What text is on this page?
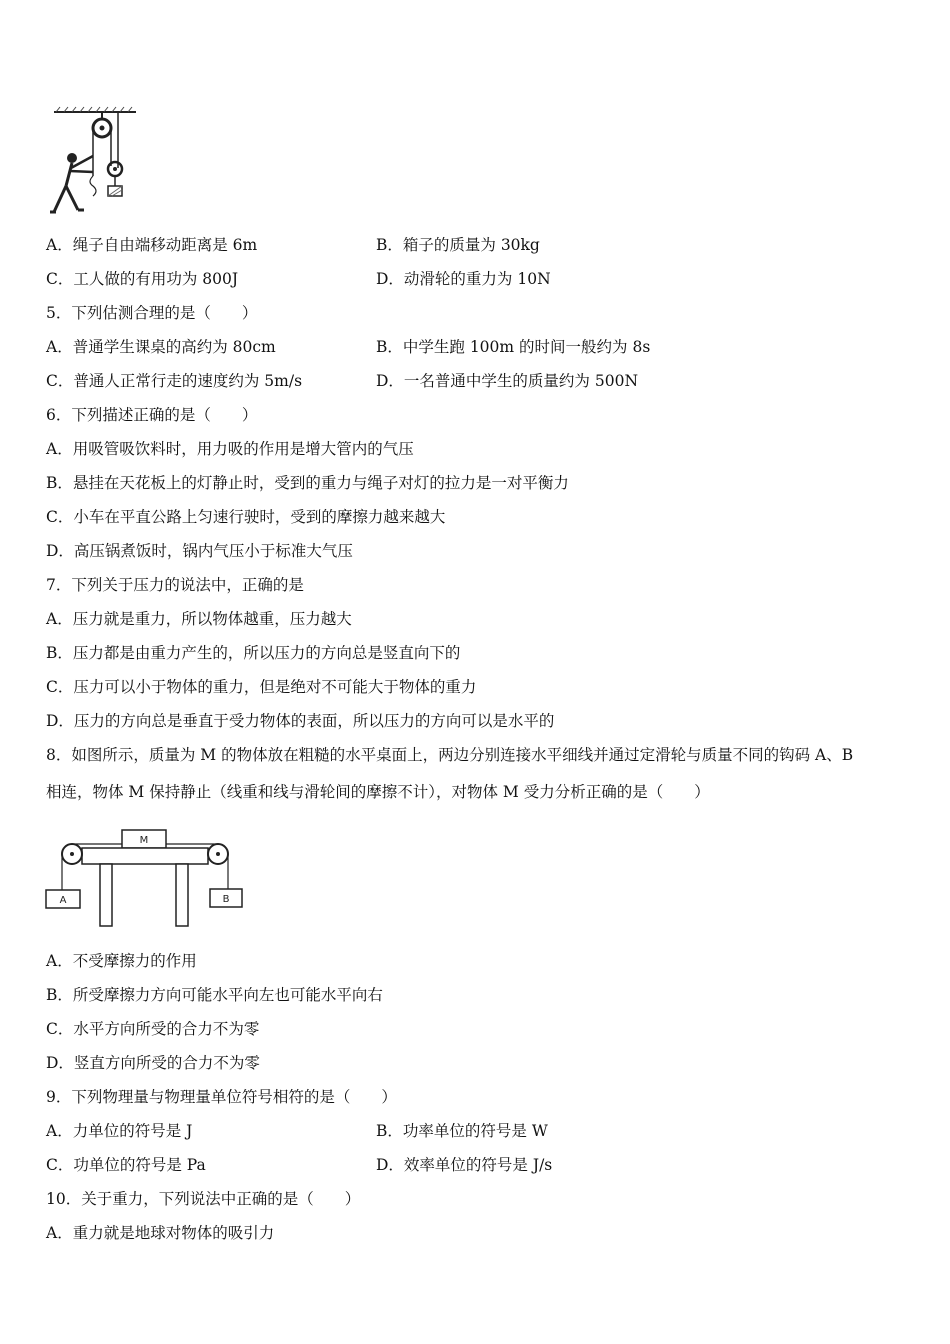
A．绳子自由端移动距离是 6m	B．箱子的质量为 30kg
C．工人做的有用功为 800J	D．动滑轮的重力为 10N
5．下列估测合理的是（　　）
A．普通学生课桌的高约为 80cm	B．中学生跑 100m 的时间一般约为 8s
C．普通人正常行走的速度约为 5m/s	D．一名普通中学生的质量约为 500N
6．下列描述正确的是（　　）
A．用吸管吸饮料时，用力吸的作用是增大管内的气压
B．悬挂在天花板上的灯静止时，受到的重力与绳子对灯的拉力是一对平衡力
C．小车在平直公路上匀速行驶时，受到的摩擦力越来越大
D．高压锅煮饭时，锅内气压小于标准大气压
7．下列关于压力的说法中，正确的是
A．压力就是重力，所以物体越重，压力越大
B．压力都是由重力产生的，所以压力的方向总是竖直向下的
C．压力可以小于物体的重力，但是绝对不可能大于物体的重力
D．压力的方向总是垂直于受力物体的表面，所以压力的方向可以是水平的
8．如图所示，质量为 M 的物体放在粗糙的水平桌面上，两边分别连接水平细线并通过定滑轮与质量不同的钩码 A、B
相连，物体 M 保持静止（线重和线与滑轮间的摩擦不计），对物体 M 受力分析正确的是（　　）
M
A	B
A．不受摩擦力的作用
B．所受摩擦力方向可能水平向左也可能水平向右
C．水平方向所受的合力不为零
D．竖直方向所受的合力不为零
9．下列物理量与物理量单位符号相符的是（　　）
A．力单位的符号是 J	B．功率单位的符号是 W
C．功单位的符号是 Pa	D．效率单位的符号是 J/s
10．关于重力，下列说法中正确的是（　　）
A．重力就是地球对物体的吸引力
